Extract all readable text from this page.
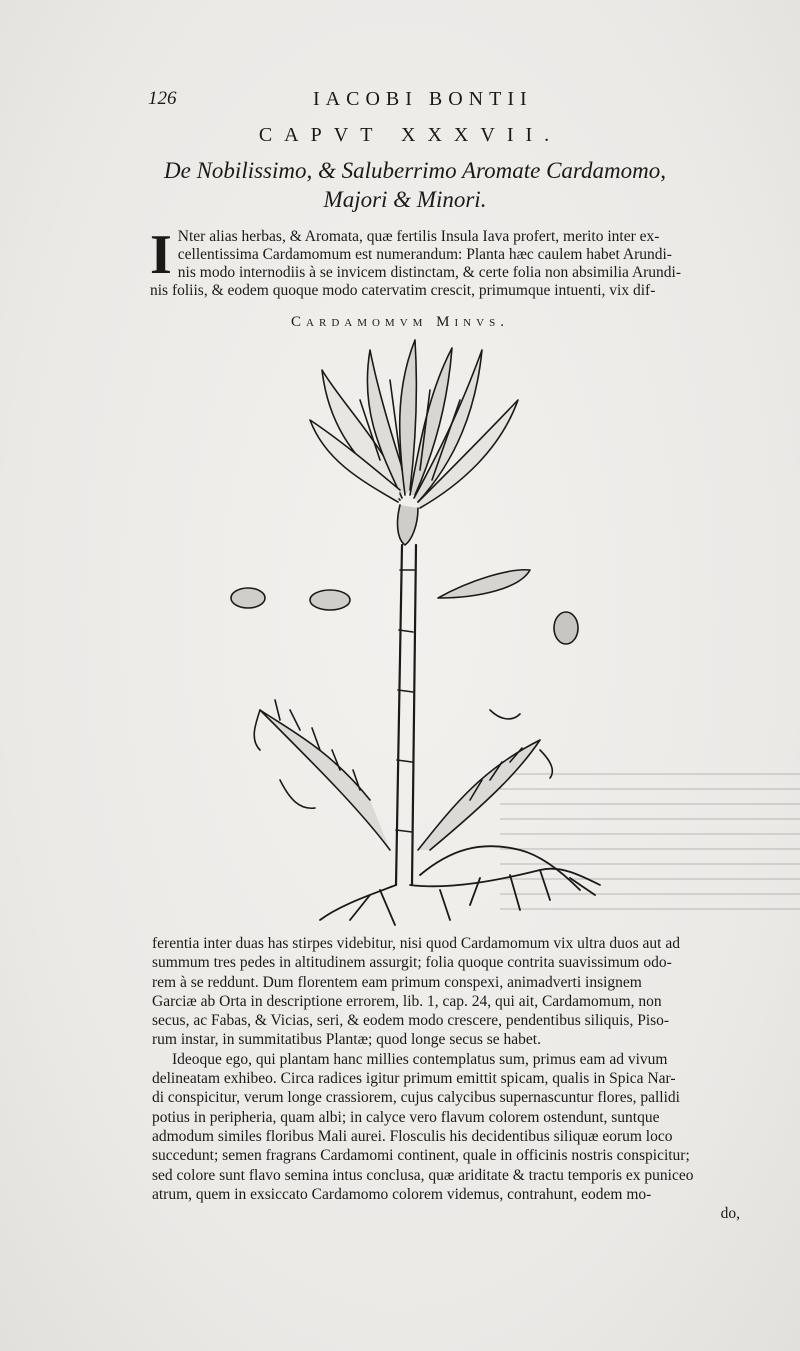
126	IACOBI BONTII
CAPVT XXXVII.
De Nobilissimo, & Saluberrimo Aromate Cardamomo,
Majori & Minori.
I Nter alias herbas, & Aromata, quæ fertilis Insula Iava profert, merito inter ex-
cellentissima Cardamomum est numerandum: Planta hæc caulem habet Arundi-
nis modo internodiis à se invicem distinctam, & certe folia non absimilia Arundi-
nis foliis, & eodem quoque modo catervatim crescit, primumque intuenti, vix dif-
Cardamomvm Minvs.
ferentia inter duas has stirpes videbitur, nisi quod Cardamomum vix ultra duos aut ad
summum tres pedes in altitudinem assurgit; folia quoque contrita suavissimum odo-
rem à se reddunt. Dum florentem eam primum conspexi, animadverti insignem
Garciæ ab Orta in descriptione errorem, lib. 1, cap. 24, qui ait, Cardamomum, non
secus, ac Fabas, & Vicias, seri, & eodem modo crescere, pendentibus siliquis, Piso-
rum instar, in summitatibus Plantæ; quod longe secus se habet.
Ideoque ego, qui plantam hanc millies contemplatus sum, primus eam ad vivum
delineatam exhibeo. Circa radices igitur primum emittit spicam, qualis in Spica Nar-
di conspicitur, verum longe crassiorem, cujus calycibus supernascuntur flores, pallidi
potius in peripheria, quam albi; in calyce vero flavum colorem ostendunt, suntque
admodum similes floribus Mali aurei. Flosculis his decidentibus siliquæ eorum loco
succedunt; semen fragrans Cardamomi continent, quale in officinis nostris conspicitur;
sed colore sunt flavo semina intus conclusa, quæ ariditate & tractu temporis ex puniceo
atrum, quem in exsiccato Cardamomo colorem videmus, contrahunt, eodem mo-
do,
